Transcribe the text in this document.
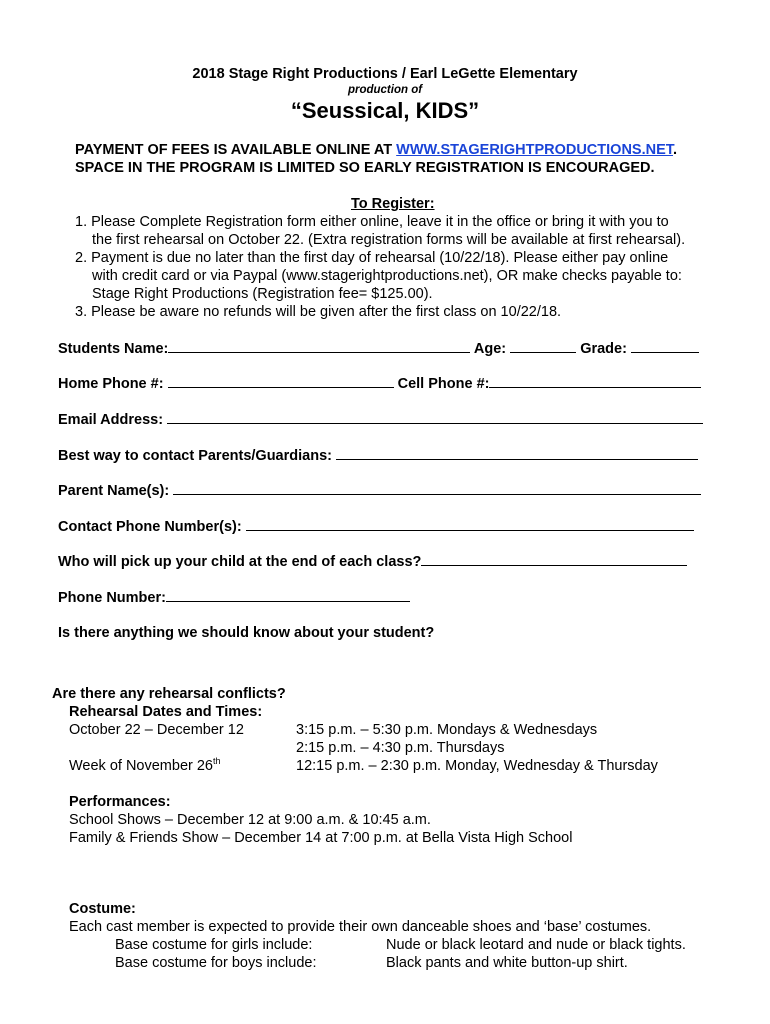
2018 Stage Right Productions / Earl LeGette Elementary
production of
“Seussical, KIDS”
PAYMENT OF FEES IS AVAILABLE ONLINE AT WWW.STAGERIGHTPRODUCTIONS.NET.
SPACE IN THE PROGRAM IS LIMITED SO EARLY REGISTRATION IS ENCOURAGED.
To Register:
1. Please Complete Registration form either online, leave it in the office or bring it with you to
the first rehearsal on October 22. (Extra registration forms will be available at first rehearsal).
2. Payment is due no later than the first day of rehearsal (10/22/18). Please either pay online
with credit card or via Paypal (www.stagerightproductions.net), OR make checks payable to:
Stage Right Productions (Registration fee= $125.00).
3. Please be aware no refunds will be given after the first class on 10/22/18.
Students Name:	Age:	Grade:
Home Phone #:	Cell Phone #:
Email Address:
Best way to contact Parents/Guardians:
Parent Name(s):
Contact Phone Number(s):
Who will pick up your child at the end of each class?
Phone Number:
Is there anything we should know about your student?
Are there any rehearsal conflicts?
Rehearsal Dates and Times:
October 22 – December 12	3:15 p.m. – 5:30 p.m. Mondays & Wednesdays
2:15 p.m. – 4:30 p.m. Thursdays
Week of November 26th	12:15 p.m. – 2:30 p.m. Monday, Wednesday & Thursday
Performances:
School Shows – December 12 at 9:00 a.m. & 10:45 a.m.
Family & Friends Show – December 14 at 7:00 p.m. at Bella Vista High School
Costume:
Each cast member is expected to provide their own danceable shoes and ‘base’ costumes.
Base costume for girls include:	Nude or black leotard and nude or black tights.
Base costume for boys include:	Black pants and white button-up shirt.
